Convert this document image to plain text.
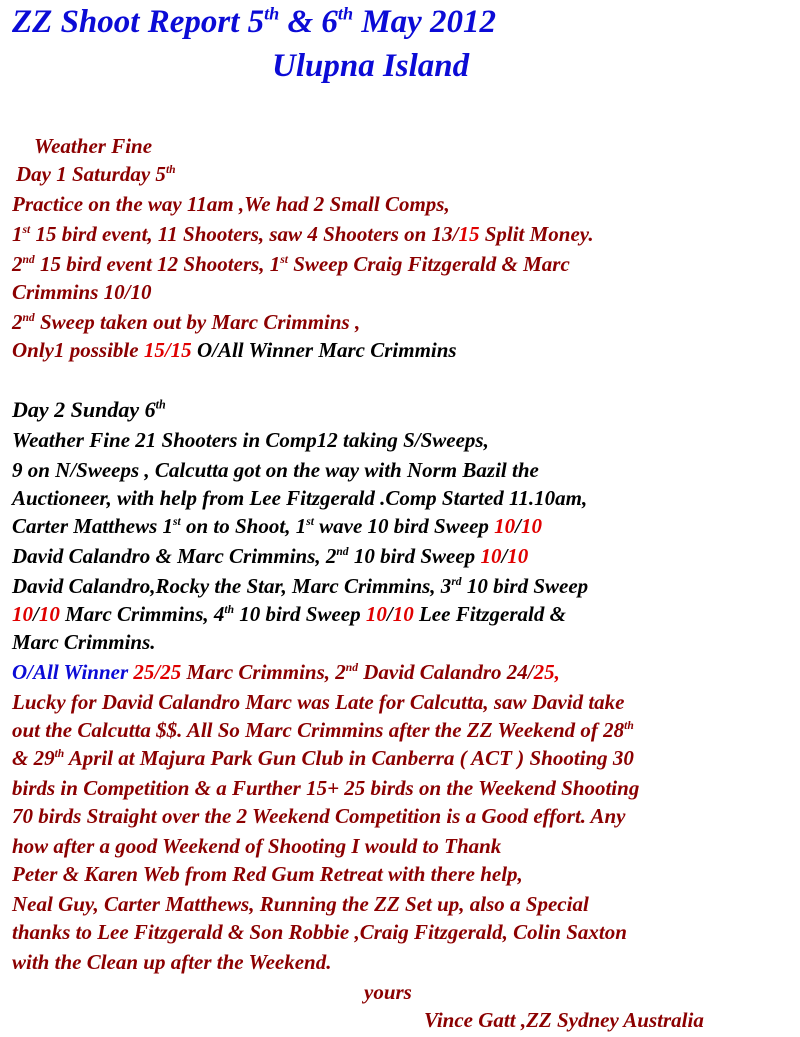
ZZ Shoot Report 5th & 6th May 2012
Ulupna Island
Weather Fine
Day 1 Saturday 5th
Practice on the way 11am ,We had 2 Small Comps,
1st 15 bird event, 11 Shooters, saw 4 Shooters on 13/15 Split Money.
2nd 15 bird event 12 Shooters, 1st Sweep Craig Fitzgerald & Marc
Crimmins 10/10
2nd Sweep taken out by Marc Crimmins ,
Only1 possible 15/15 O/All Winner Marc Crimmins
Day 2 Sunday 6th
Weather Fine 21 Shooters in Comp12 taking S/Sweeps,
9 on N/Sweeps , Calcutta got on the way with Norm Bazil the
Auctioneer, with help from Lee Fitzgerald .Comp Started 11.10am,
Carter Matthews 1st on to Shoot, 1st wave 10 bird Sweep 10/10
David Calandro & Marc Crimmins, 2nd 10 bird Sweep 10/10
David Calandro,Rocky the Star, Marc Crimmins, 3rd 10 bird Sweep
10/10 Marc Crimmins, 4th 10 bird Sweep 10/10 Lee Fitzgerald &
Marc Crimmins.
O/All Winner 25/25 Marc Crimmins, 2nd David Calandro 24/25,
Lucky for David Calandro Marc was Late for Calcutta, saw David take
out the Calcutta $$. All So Marc Crimmins after the ZZ Weekend of 28th
& 29th April at Majura Park Gun Club in Canberra ( ACT ) Shooting 30
birds in Competition & a Further 15+ 25 birds on the Weekend Shooting
70 birds Straight over the 2 Weekend Competition is a Good effort. Any
how after a good Weekend of Shooting I would to Thank
Peter & Karen Web from Red Gum Retreat with there help,
Neal Guy, Carter Matthews, Running the ZZ Set up, also a Special
thanks to Lee Fitzgerald & Son Robbie ,Craig Fitzgerald, Colin Saxton
with the Clean up after the Weekend.
yours
Vince Gatt ,ZZ Sydney Australia
